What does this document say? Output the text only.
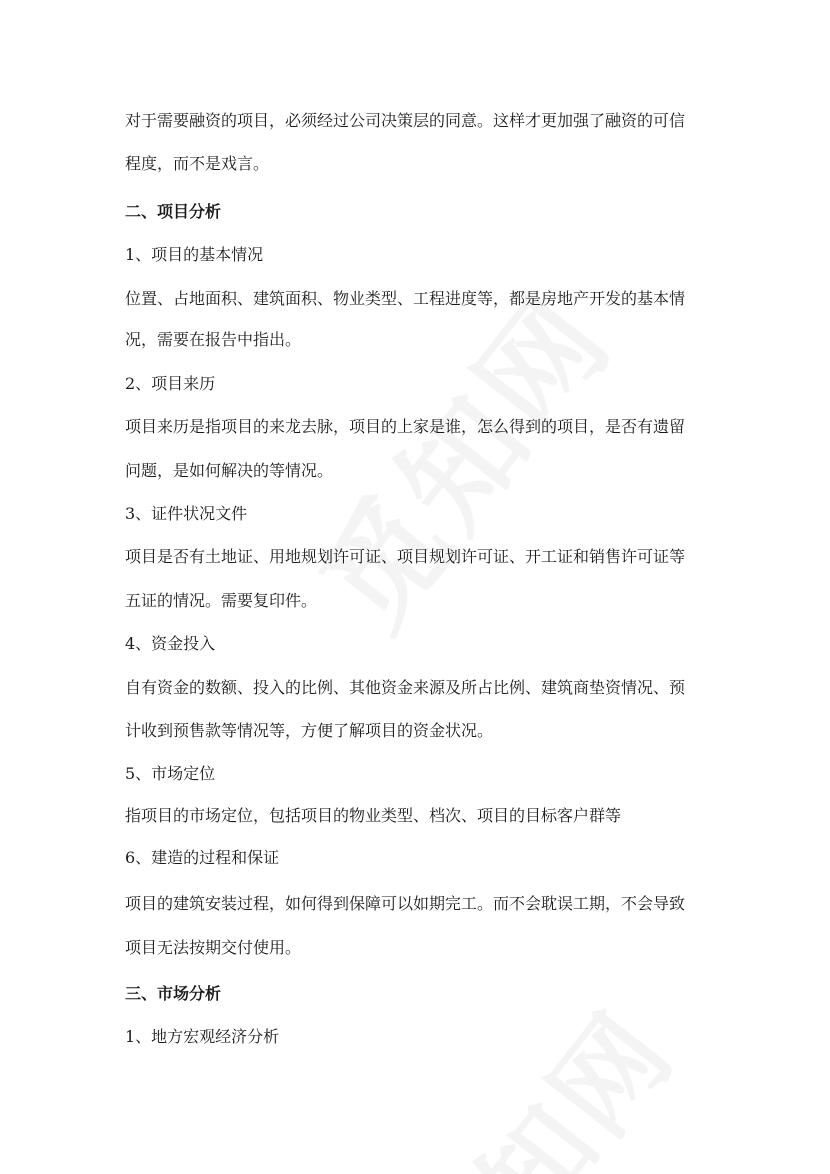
对于需要融资的项目，必须经过公司决策层的同意。这样才更加强了融资的可信
程度，而不是戏言。
二、项目分析
1、项目的基本情况
位置、占地面积、建筑面积、物业类型、工程进度等，都是房地产开发的基本情
况，需要在报告中指出。
2、项目来历
项目来历是指项目的来龙去脉，项目的上家是谁，怎么得到的项目，是否有遗留
问题，是如何解决的等情况。
3、证件状况文件
项目是否有土地证、用地规划许可证、项目规划许可证、开工证和销售许可证等
五证的情况。需要复印件。
4、资金投入
自有资金的数额、投入的比例、其他资金来源及所占比例、建筑商垫资情况、预
计收到预售款等情况等，方便了解项目的资金状况。
5、市场定位
指项目的市场定位，包括项目的物业类型、档次、项目的目标客户群等
6、建造的过程和保证
项目的建筑安装过程，如何得到保障可以如期完工。而不会耽误工期，不会导致
项目无法按期交付使用。
三、市场分析
1、地方宏观经济分析
